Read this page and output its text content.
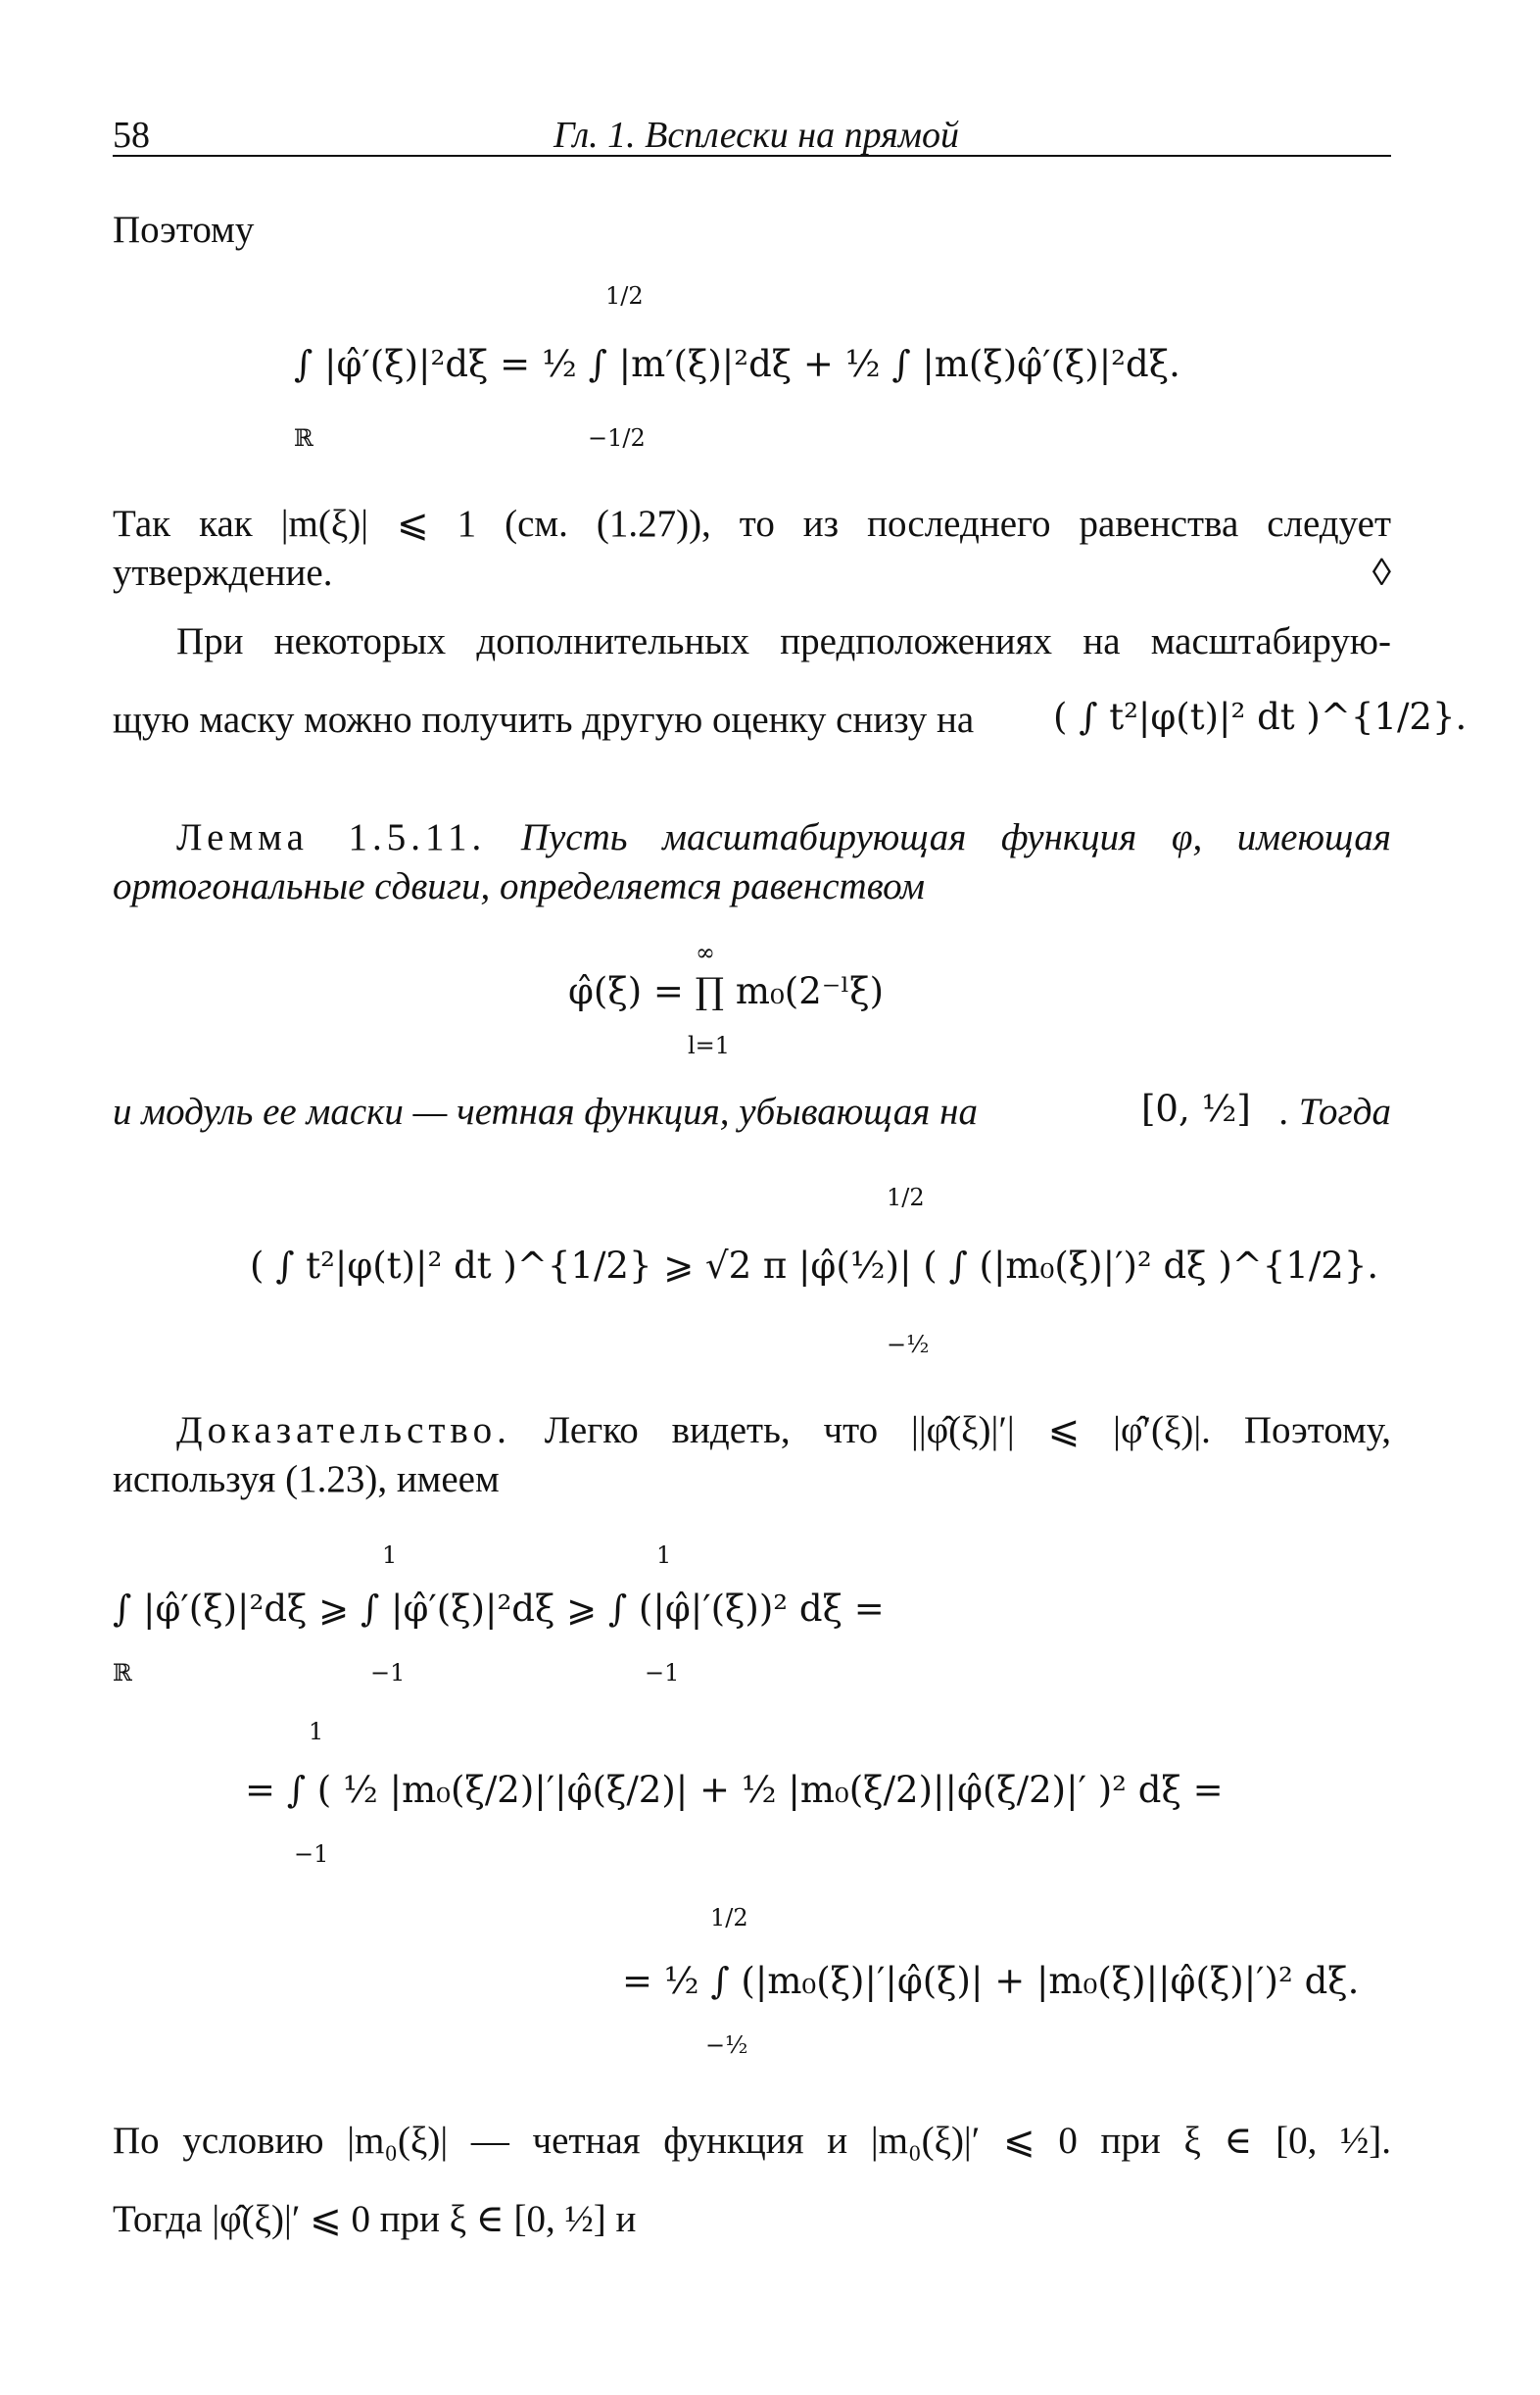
58	Гл. 1. Всплески на прямой
Поэтому
1/2
−1/2
ℝ
∫ |φ̂′(ξ)|²dξ = ½ ∫ |m′(ξ)|²dξ + ½ ∫ |m(ξ)φ̂′(ξ)|²dξ.
Так как |m(ξ)| ⩽ 1 (см. (1.27)), то из последнего равенства следует
утверждение.	◊
При некоторых дополнительных предположениях на масштабирую-
щую маску можно получить другую оценку снизу на ( ∫ t²|φ(t)|² dt )^{1/2}.
Лемма 1.5.11. Пусть масштабирующая функция φ, имеющая
ортогональные сдвиги, определяется равенством
∞
φ̂(ξ) = ∏ m₀(2⁻ˡξ)
l=1
и модуль ее маски — четная функция, убывающая на	[0, ½] . Тогда
1/2
( ∫ t²|φ(t)|² dt )^{1/2} ⩾ √2 π |φ̂(½)| ( ∫ (|m₀(ξ)|′)² dξ )^{1/2}.
−½
Доказательство. Легко видеть, что ||φ̂(ξ)|′| ⩽ |φ̂′(ξ)|. Поэтому,
используя (1.23), имеем
1	1
∫ |φ̂′(ξ)|²dξ ⩾ ∫ |φ̂′(ξ)|²dξ ⩾ ∫ (|φ̂|′(ξ))² dξ =
ℝ	−1	−1
1
= ∫ ( ½ |m₀(ξ/2)|′|φ̂(ξ/2)| + ½ |m₀(ξ/2)||φ̂(ξ/2)|′ )² dξ =
−1
1/2
= ½ ∫ (|m₀(ξ)|′|φ̂(ξ)| + |m₀(ξ)||φ̂(ξ)|′)² dξ.
−½
По условию |m₀(ξ)| — четная функция и |m₀(ξ)|′ ⩽ 0 при ξ ∈ [0, ½].
Тогда |φ̂(ξ)|′ ⩽ 0 при ξ ∈ [0, ½] и
